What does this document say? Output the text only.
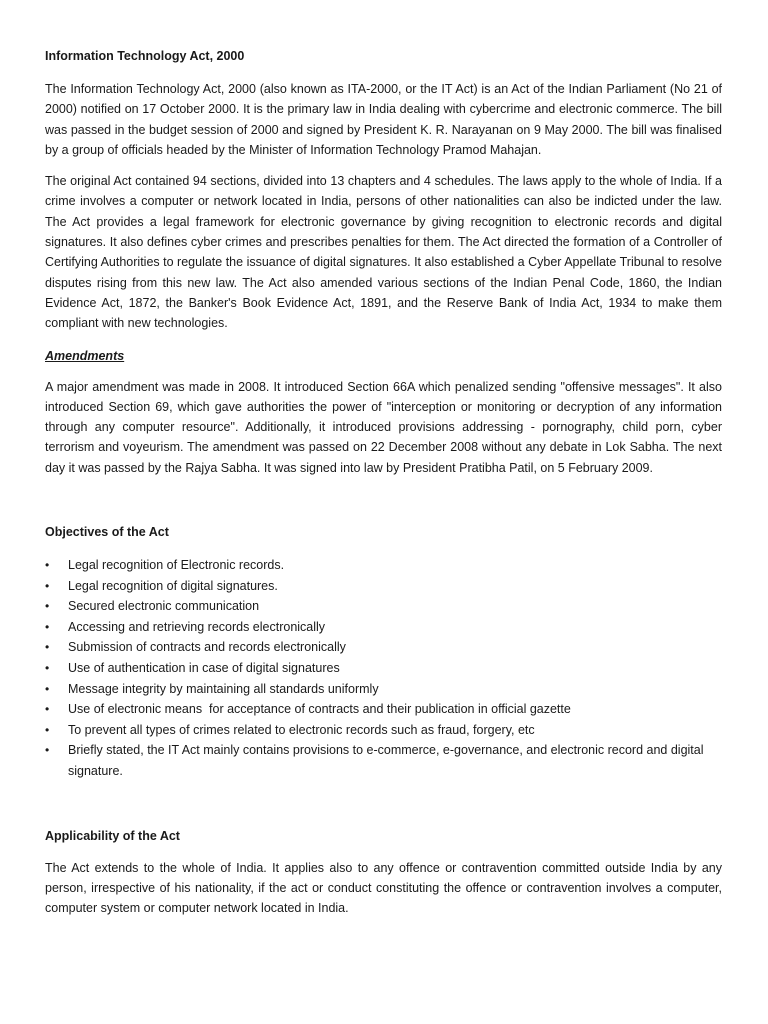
Information Technology Act, 2000

The Information Technology Act, 2000 (also known as ITA-2000, or the IT Act) is an Act of the Indian Parliament (No 21 of 2000) notified on 17 October 2000. It is the primary law in India dealing with cybercrime and electronic commerce. The bill was passed in the budget session of 2000 and signed by President K. R. Narayanan on 9 May 2000. The bill was finalised by a group of officials headed by the Minister of Information Technology Pramod Mahajan.

The original Act contained 94 sections, divided into 13 chapters and 4 schedules. The laws apply to the whole of India. If a crime involves a computer or network located in India, persons of other nationalities can also be indicted under the law. The Act provides a legal framework for electronic governance by giving recognition to electronic records and digital signatures. It also defines cyber crimes and prescribes penalties for them. The Act directed the formation of a Controller of Certifying Authorities to regulate the issuance of digital signatures. It also established a Cyber Appellate Tribunal to resolve disputes rising from this new law. The Act also amended various sections of the Indian Penal Code, 1860, the Indian Evidence Act, 1872, the Banker's Book Evidence Act, 1891, and the Reserve Bank of India Act, 1934 to make them compliant with new technologies.

Amendments

A major amendment was made in 2008. It introduced Section 66A which penalized sending "offensive messages". It also introduced Section 69, which gave authorities the power of "interception or monitoring or decryption of any information through any computer resource". Additionally, it introduced provisions addressing - pornography, child porn, cyber terrorism and voyeurism. The amendment was passed on 22 December 2008 without any debate in Lok Sabha. The next day it was passed by the Rajya Sabha. It was signed into law by President Pratibha Patil, on 5 February 2009.

Objectives of the Act

• Legal recognition of Electronic records.
• Legal recognition of digital signatures.
• Secured electronic communication
• Accessing and retrieving records electronically
• Submission of contracts and records electronically
• Use of authentication in case of digital signatures
• Message integrity by maintaining all standards uniformly
• Use of electronic means  for acceptance of contracts and their publication in official gazette
• To prevent all types of crimes related to electronic records such as fraud, forgery, etc
• Briefly stated, the IT Act mainly contains provisions to e-commerce, e-governance, and electronic record and digital signature.

Applicability of the Act

The Act extends to the whole of India. It applies also to any offence or contravention committed outside India by any person, irrespective of his nationality, if the act or conduct constituting the offence or contravention involves a computer, computer system or computer network located in India.
